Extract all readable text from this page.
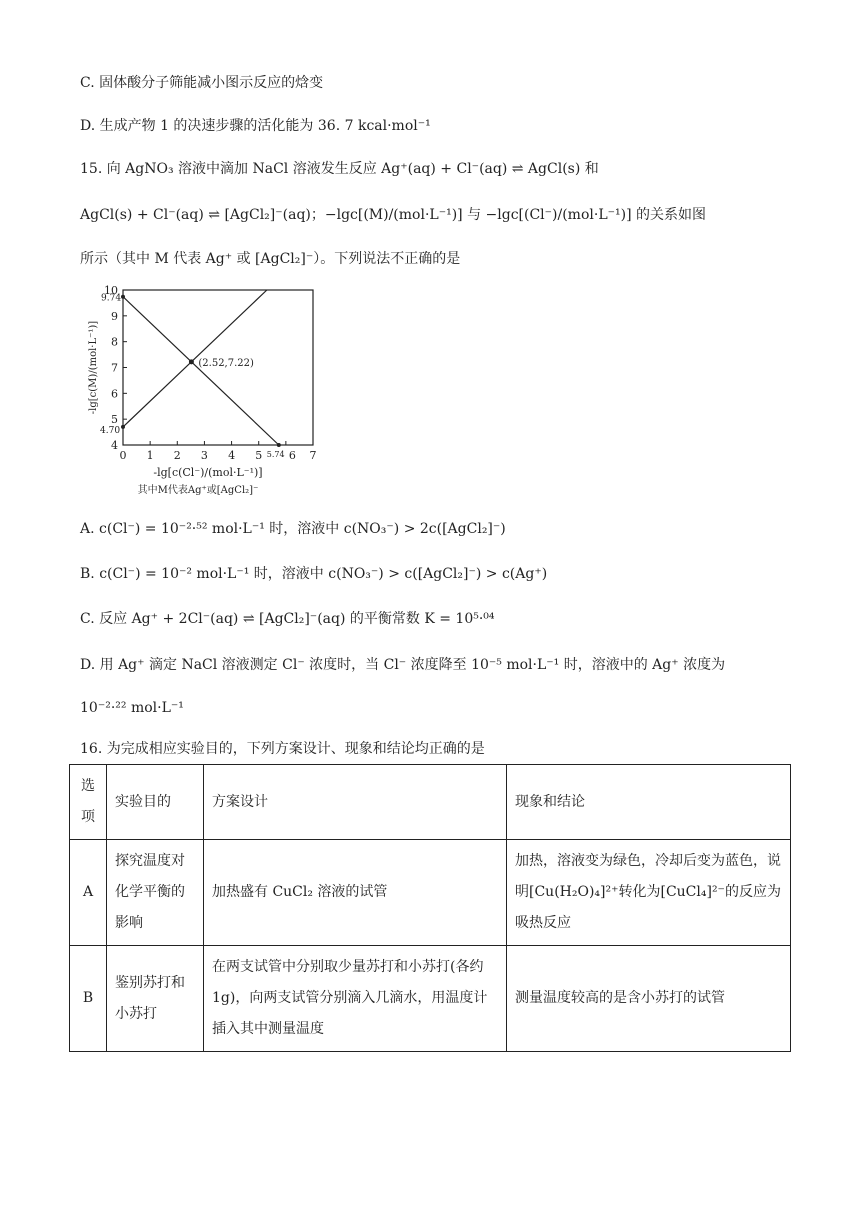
C. 固体酸分子筛能减小图示反应的焓变
D. 生成产物 1 的决速步骤的活化能为 36. 7 kcal·mol⁻¹
15. 向 AgNO₃ 溶液中滴加 NaCl 溶液发生反应 Ag⁺(aq) + Cl⁻(aq) ⇌ AgCl(s) 和
AgCl(s) + Cl⁻(aq) ⇌ [AgCl₂]⁻(aq)；−lgc[(M)/(mol·L⁻¹)] 与 −lgc[(Cl⁻)/(mol·L⁻¹)] 的关系如图
所示（其中 M 代表 Ag⁺ 或 [AgCl₂]⁻）。下列说法不正确的是
0 1 2 3 4 5	7
6
4
5
6
7
8
9
10
(2.52,7.22)
9.74
4.70
5.74
-lg[c(Cl⁻)/(mol·L⁻¹)]
其中M代表Ag⁺或[AgCl₂]⁻
-lg[c(M)/(mol·L⁻¹)]
A. c(Cl⁻) = 10⁻²·⁵² mol·L⁻¹ 时，溶液中 c(NO₃⁻) > 2c([AgCl₂]⁻)
B. c(Cl⁻) = 10⁻² mol·L⁻¹ 时，溶液中 c(NO₃⁻) > c([AgCl₂]⁻) > c(Ag⁺)
C. 反应 Ag⁺ + 2Cl⁻(aq) ⇌ [AgCl₂]⁻(aq) 的平衡常数 K = 10⁵·⁰⁴
D. 用 Ag⁺ 滴定 NaCl 溶液测定 Cl⁻ 浓度时，当 Cl⁻ 浓度降至 10⁻⁵ mol·L⁻¹ 时，溶液中的 Ag⁺ 浓度为
10⁻²·²² mol·L⁻¹
16. 为完成相应实验目的，下列方案设计、现象和结论均正确的是
选项	实验目的	方案设计	现象和结论
A	探究温度对化学平衡的影响	加热盛有 CuCl₂ 溶液的试管	加热，溶液变为绿色，冷却后变为蓝色，说明[Cu(H₂O)₄]²⁺转化为[CuCl₄]²⁻的反应为吸热反应
B	鉴别苏打和小苏打	在两支试管中分别取少量苏打和小苏打(各约 1g)，向两支试管分别滴入几滴水，用温度计插入其中测量温度	测量温度较高的是含小苏打的试管
